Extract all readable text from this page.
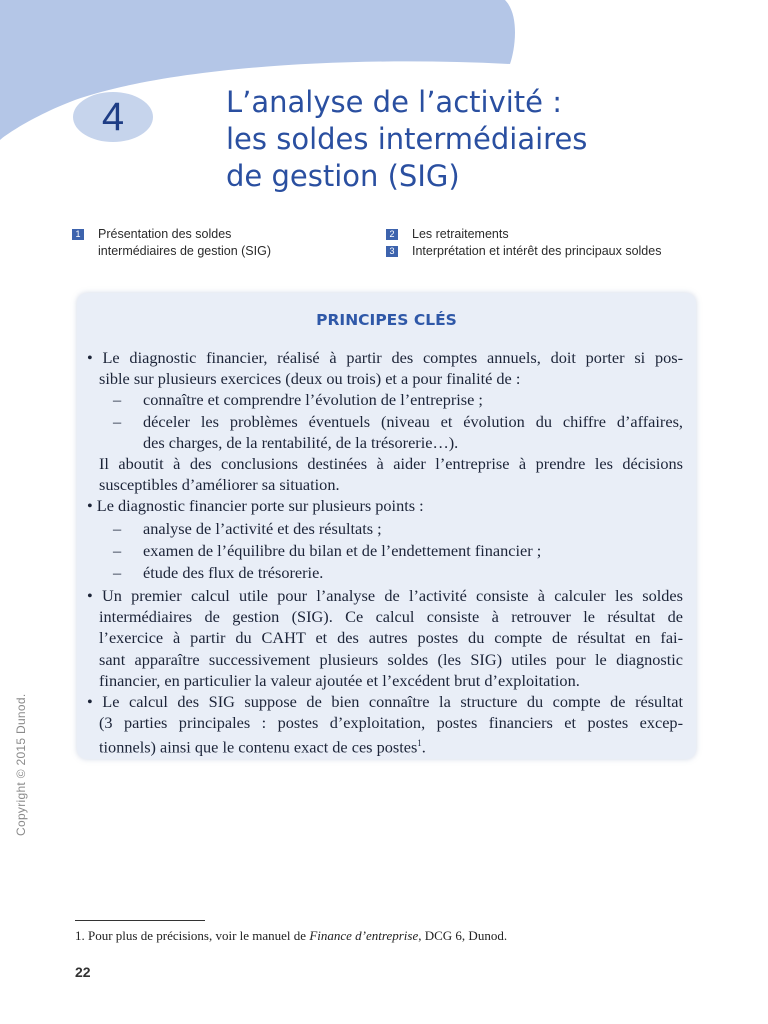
4	L’analyse de l’activité :
les soldes intermédiaires
de gestion (SIG)
1 Présentation des soldes
intermédiaires de gestion (SIG)
2 Les retraitements
3 Interprétation et intérêt des principaux soldes
PRINCIPES CLÉS
• Le diagnostic financier, réalisé à partir des comptes annuels, doit porter si pos-
sible sur plusieurs exercices (deux ou trois) et a pour finalité de :
–	connaître et comprendre l’évolution de l’entreprise ;
–	déceler les problèmes éventuels (niveau et évolution du chiffre d’affaires,
des charges, de la rentabilité, de la trésorerie…).
Il aboutit à des conclusions destinées à aider l’entreprise à prendre les décisions
susceptibles d’améliorer sa situation.
• Le diagnostic financier porte sur plusieurs points :
–	analyse de l’activité et des résultats ;
–	examen de l’équilibre du bilan et de l’endettement financier ;
–	étude des flux de trésorerie.
• Un premier calcul utile pour l’analyse de l’activité consiste à calculer les soldes
intermédiaires de gestion (SIG). Ce calcul consiste à retrouver le résultat de
l’exercice à partir du CAHT et des autres postes du compte de résultat en fai-
sant apparaître successivement plusieurs soldes (les SIG) utiles pour le diagnostic
financier, en particulier la valeur ajoutée et l’excédent brut d’exploitation.
• Le calcul des SIG suppose de bien connaître la structure du compte de résultat
(3 parties principales : postes d’exploitation, postes financiers et postes excep-
tionnels) ainsi que le contenu exact de ces postes$^1$.
Copyright © 2015 Dunod.
1. Pour plus de précisions, voir le manuel de Finance d’entreprise, DCG 6, Dunod.
22
